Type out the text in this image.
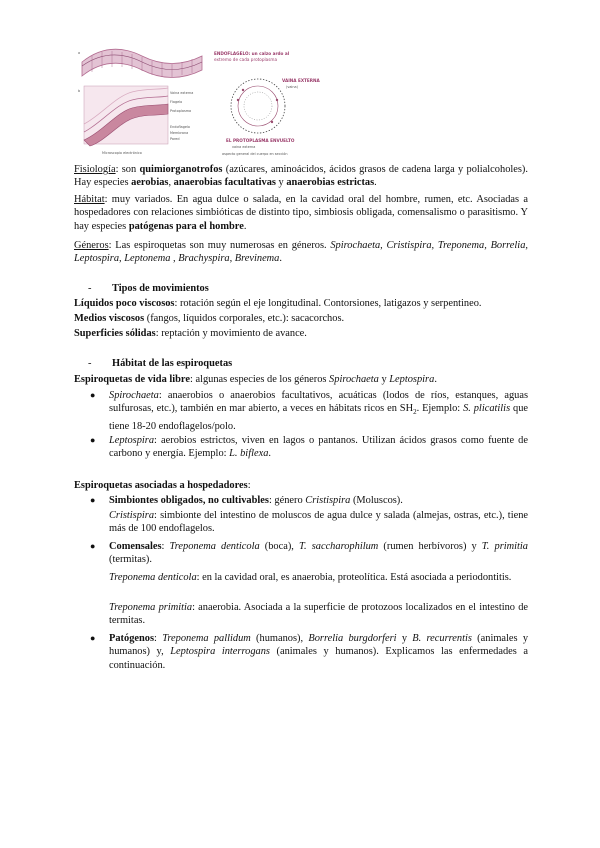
a
b	Vaina externa
Flagelo
Protoplasma
Endoflagelo
Membrana
Pared
Microscopio electrónico
ENDOFLAGELO: un calzo ardo al
extremo de cada protoplasma
VAINA EXTERNA
(vaina)
EL PROTOPLASMA ENVUELTO
vaina externa
aspecto general del cuerpo en sección
Fisiología: son quimiorganotrofos (azúcares, aminoácidos, ácidos grasos de cadena larga y polialcoholes). Hay especies aerobias, anaerobias facultativas y anaerobias estrictas.
Hábitat: muy variados. En agua dulce o salada, en la cavidad oral del hombre, rumen, etc. Asociadas a hospedadores con relaciones simbióticas de distinto tipo, simbiosis obligada, comensalismo o parasitismo. Y hay especies patógenas para el hombre.
Géneros: Las espiroquetas son muy numerosas en géneros. Spirochaeta, Cristispira, Treponema, Borrelia, Leptospira, Leptonema , Brachyspira, Brevinema.
- Tipos de movimientos
Líquidos poco viscosos: rotación según el eje longitudinal. Contorsiones, latigazos y serpentineo.
Medios viscosos (fangos, líquidos corporales, etc.): sacacorchos.
Superficies sólidas: reptación y movimiento de avance.
- Hábitat de las espiroquetas
Espiroquetas de vida libre: algunas especies de los géneros Spirochaeta y Leptospira.
● Spirochaeta: anaerobios o anaerobios facultativos, acuáticas (lodos de ríos, estanques, aguas sulfurosas, etc.), también en mar abierto, a veces en hábitats ricos en $SH_2$. Ejemplo: S. plicatilis que tiene 18-20 endoflagelos/polo.
● Leptospira: aerobios estrictos, viven en lagos o pantanos. Utilizan ácidos grasos como fuente de carbono y energía. Ejemplo: L. biflexa.
Espiroquetas asociadas a hospedadores:
● Simbiontes obligados, no cultivables: género Cristispira (Moluscos).
Cristispira: simbionte del intestino de moluscos de agua dulce y salada (almejas, ostras, etc.), tiene más de 100 endoflagelos.
● Comensales: Treponema denticola (boca), T. saccharophilum (rumen herbívoros) y T. primitia (termitas).
Treponema denticola: en la cavidad oral, es anaerobia, proteolítica. Está asociada a periodontitis.
Treponema primitia: anaerobia. Asociada a la superficie de protozoos localizados en el intestino de termitas.
● Patógenos: Treponema pallidum (humanos), Borrelia burgdorferi y B. recurrentis (animales y humanos) y, Leptospira interrogans (animales y humanos). Explicamos las enfermedades a continuación.
